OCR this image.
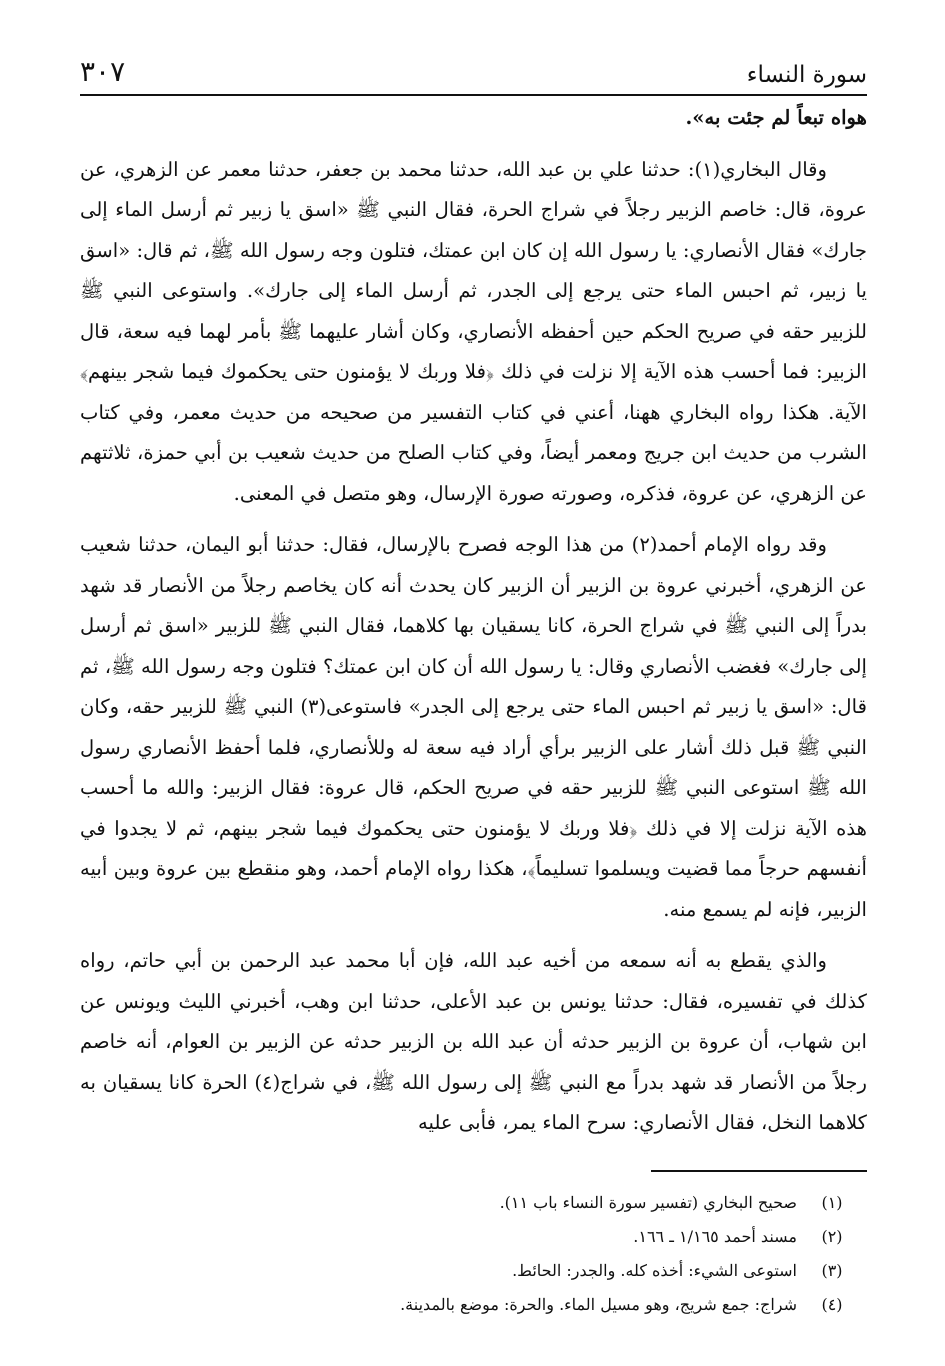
٣٠٧	سورة النساء

هواه تبعاً لم جئت به».

وقال البخاري(١): حدثنا علي بن عبد الله، حدثنا محمد بن جعفر، حدثنا معمر عن الزهري، عن عروة، قال: خاصم الزبير رجلاً في شراج الحرة، فقال النبي ﷺ «اسق يا زبير ثم أرسل الماء إلى جارك» فقال الأنصاري: يا رسول الله إن كان ابن عمتك، فتلون وجه رسول الله ﷺ، ثم قال: «اسق يا زبير، ثم احبس الماء حتى يرجع إلى الجدر، ثم أرسل الماء إلى جارك». واستوعى النبي ﷺ للزبير حقه في صريح الحكم حين أحفظه الأنصاري، وكان أشار عليهما ﷺ بأمر لهما فيه سعة، قال الزبير: فما أحسب هذه الآية إلا نزلت في ذلك ﴿فلا وربك لا يؤمنون حتى يحكموك فيما شجر بينهم﴾ الآية. هكذا رواه البخاري ههنا، أعني في كتاب التفسير من صحيحه من حديث معمر، وفي كتاب الشرب من حديث ابن جريج ومعمر أيضاً، وفي كتاب الصلح من حديث شعيب بن أبي حمزة، ثلاثتهم عن الزهري، عن عروة، فذكره، وصورته صورة الإرسال، وهو متصل في المعنى.

وقد رواه الإمام أحمد(٢) من هذا الوجه فصرح بالإرسال، فقال: حدثنا أبو اليمان، حدثنا شعيب عن الزهري، أخبرني عروة بن الزبير أن الزبير كان يحدث أنه كان يخاصم رجلاً من الأنصار قد شهد بدراً إلى النبي ﷺ في شراج الحرة، كانا يسقيان بها كلاهما، فقال النبي ﷺ للزبير «اسق ثم أرسل إلى جارك» فغضب الأنصاري وقال: يا رسول الله أن كان ابن عمتك؟ فتلون وجه رسول الله ﷺ، ثم قال: «اسق يا زبير ثم احبس الماء حتى يرجع إلى الجدر» فاستوعى(٣) النبي ﷺ للزبير حقه، وكان النبي ﷺ قبل ذلك أشار على الزبير برأي أراد فيه سعة له وللأنصاري، فلما أحفظ الأنصاري رسول الله ﷺ استوعى النبي ﷺ للزبير حقه في صريح الحكم، قال عروة: فقال الزبير: والله ما أحسب هذه الآية نزلت إلا في ذلك ﴿فلا وربك لا يؤمنون حتى يحكموك فيما شجر بينهم، ثم لا يجدوا في أنفسهم حرجاً مما قضيت ويسلموا تسليماً﴾، هكذا رواه الإمام أحمد، وهو منقطع بين عروة وبين أبيه الزبير، فإنه لم يسمع منه.

والذي يقطع به أنه سمعه من أخيه عبد الله، فإن أبا محمد عبد الرحمن بن أبي حاتم، رواه كذلك في تفسيره، فقال: حدثنا يونس بن عبد الأعلى، حدثنا ابن وهب، أخبرني الليث ويونس عن ابن شهاب، أن عروة بن الزبير حدثه أن عبد الله بن الزبير حدثه عن الزبير بن العوام، أنه خاصم رجلاً من الأنصار قد شهد بدراً مع النبي ﷺ إلى رسول الله ﷺ، في شراج(٤) الحرة كانا يسقيان به كلاهما النخل، فقال الأنصاري: سرح الماء يمر، فأبى عليه

(١)
صحيح البخاري (تفسير سورة النساء باب ١١).
(٢)
مسند أحمد ١/١٦٥ ـ ١٦٦.
(٣)
استوعى الشيء: أخذه كله. والجدر: الحائط.
(٤)
شراج: جمع شريج، وهو مسيل الماء. والحرة: موضع بالمدينة.
